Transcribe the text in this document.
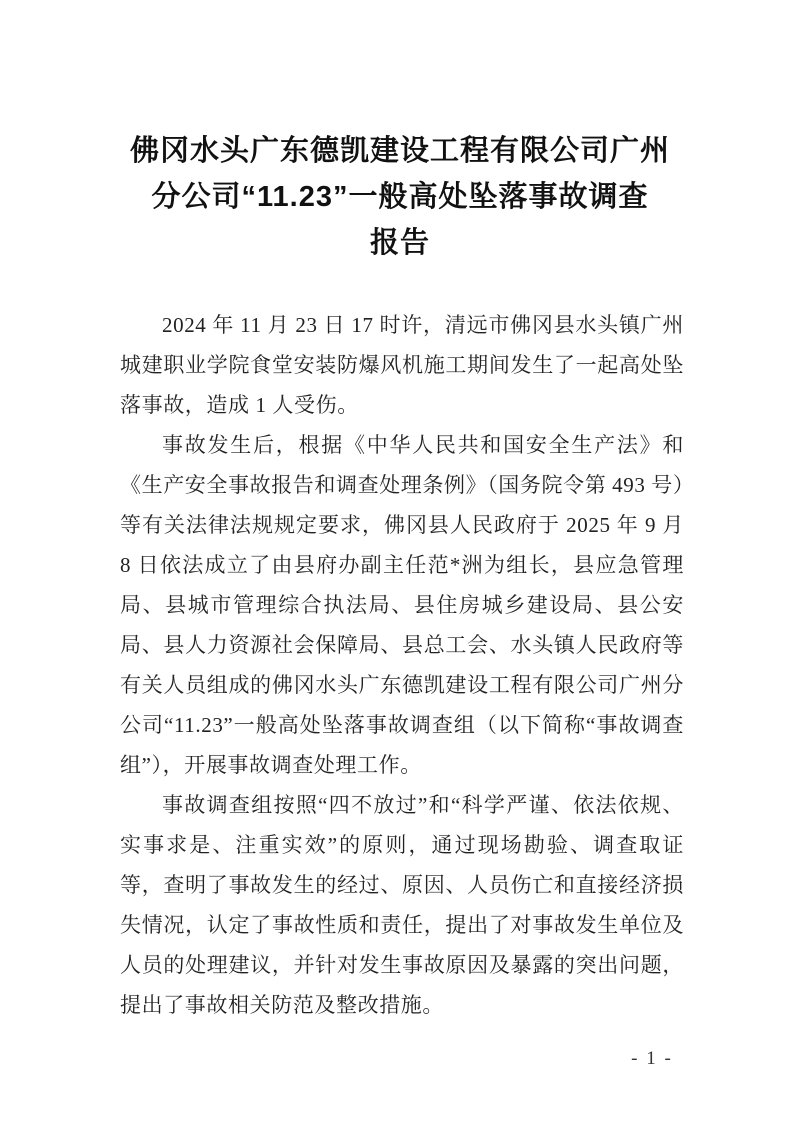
佛冈水头广东德凯建设工程有限公司广州
分公司“11.23”一般高处坠落事故调查
报告

2024 年 11 月 23 日 17 时许，清远市佛冈县水头镇广州城建职业学院食堂安装防爆风机施工期间发生了一起高处坠落事故，造成 1 人受伤。

事故发生后，根据《中华人民共和国安全生产法》和《生产安全事故报告和调查处理条例》（国务院令第 493 号）等有关法律法规规定要求，佛冈县人民政府于 2025 年 9 月 8 日依法成立了由县府办副主任范*洲为组长，县应急管理局、县城市管理综合执法局、县住房城乡建设局、县公安局、县人力资源社会保障局、县总工会、水头镇人民政府等有关人员组成的佛冈水头广东德凯建设工程有限公司广州分公司“11.23”一般高处坠落事故调查组（以下简称“事故调查组”），开展事故调查处理工作。

事故调查组按照“四不放过”和“科学严谨、依法依规、实事求是、注重实效”的原则，通过现场勘验、调查取证等，查明了事故发生的经过、原因、人员伤亡和直接经济损失情况，认定了事故性质和责任，提出了对事故发生单位及人员的处理建议，并针对发生事故原因及暴露的突出问题，提出了事故相关防范及整改措施。

- 1 -
